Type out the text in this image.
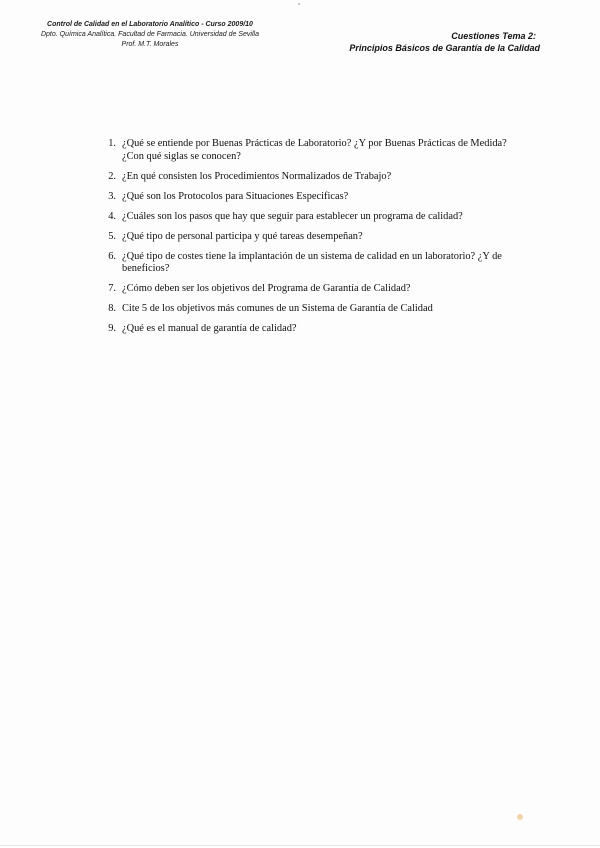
Control de Calidad en el Laboratorio Analítico - Curso 2009/10
Dpto. Química Analítica. Facultad de Farmacia. Universidad de Sevilla
Prof. M.T. Morales
Cuestiones Tema 2:
Principios Básicos de Garantía de la Calidad
1. ¿Qué se entiende por Buenas Prácticas de Laboratorio? ¿Y por Buenas Prácticas de Medida? ¿Con qué siglas se conocen?
2. ¿En qué consisten los Procedimientos Normalizados de Trabajo?
3. ¿Qué son los Protocolos para Situaciones Especificas?
4. ¿Cuáles son los pasos que hay que seguir para establecer un programa de calidad?
5. ¿Qué tipo de personal participa y qué tareas desempeñan?
6. ¿Qué tipo de costes tiene la implantación de un sistema de calidad en un laboratorio? ¿Y de beneficios?
7. ¿Cómo deben ser los objetivos del Programa de Garantía de Calidad?
8. Cite 5 de los objetivos más comunes de un Sistema de Garantía de Calidad
9. ¿Qué es el manual de garantía de calidad?
